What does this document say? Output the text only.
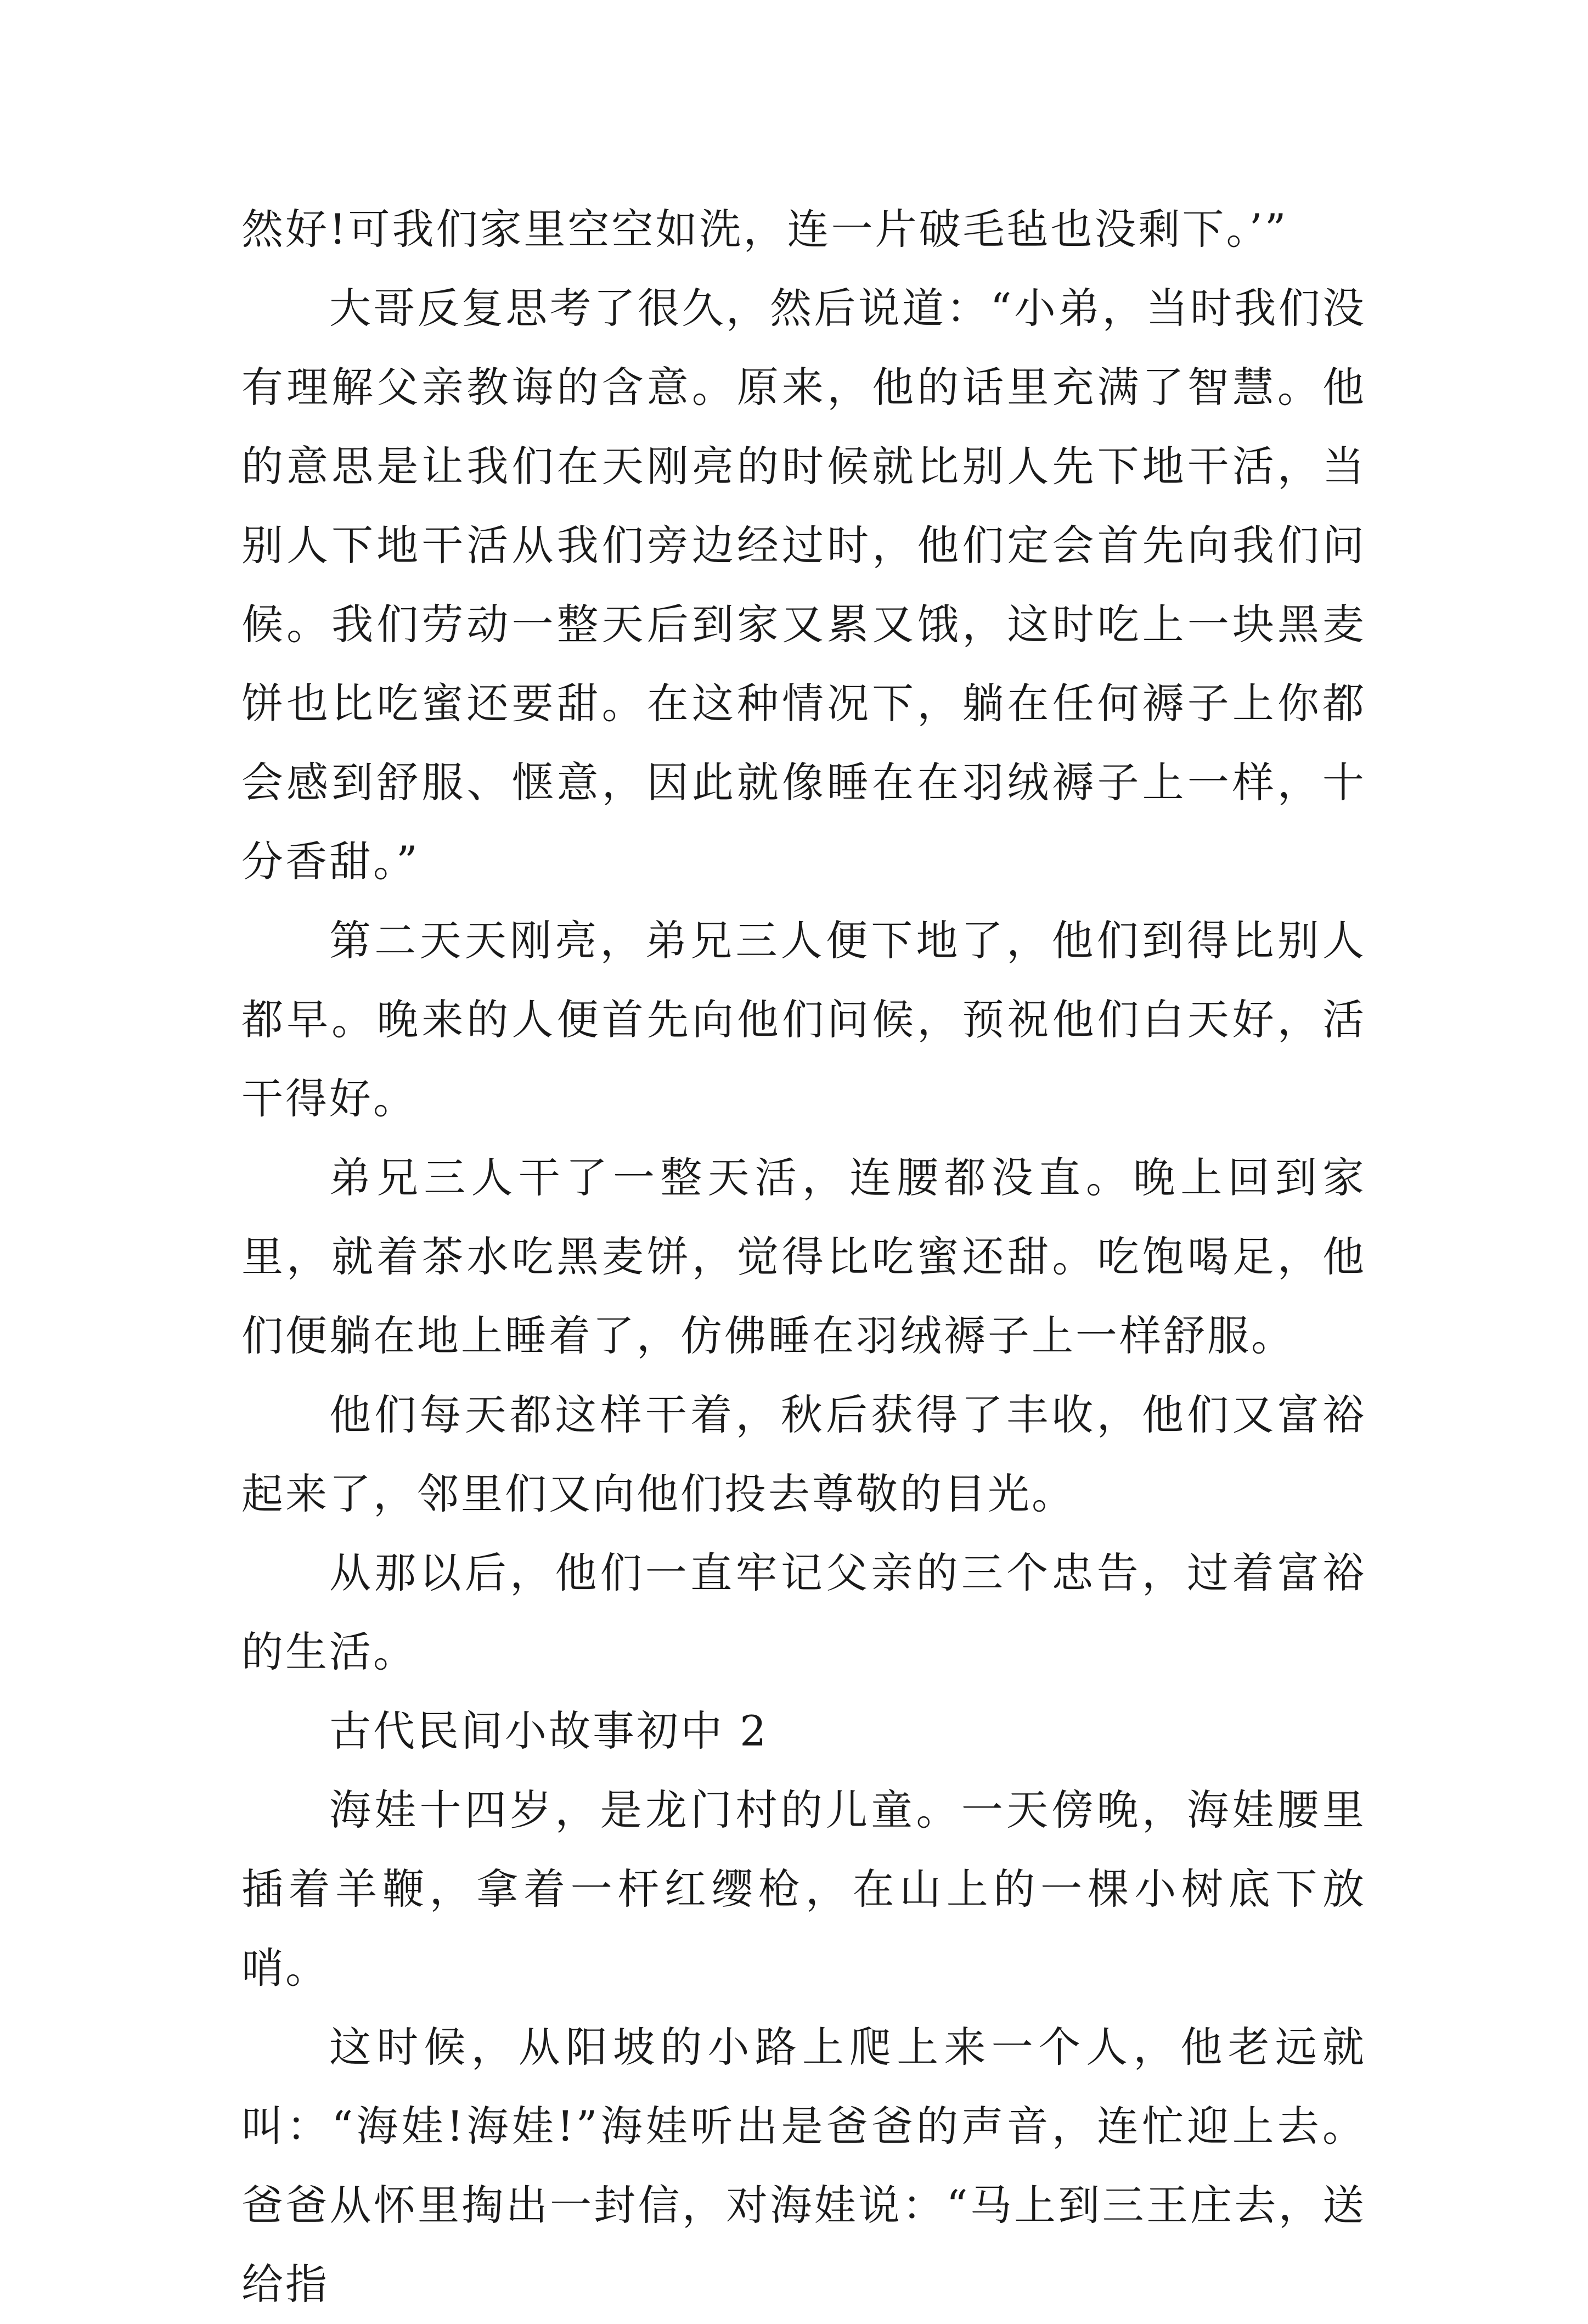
然好!可我们家里空空如洗，连一片破毛毡也没剩下。’”

大哥反复思考了很久，然后说道：“小弟，当时我们没有理解父亲教诲的含意。原来，他的话里充满了智慧。他的意思是让我们在天刚亮的时候就比别人先下地干活，当别人下地干活从我们旁边经过时，他们定会首先向我们问候。我们劳动一整天后到家又累又饿，这时吃上一块黑麦饼也比吃蜜还要甜。在这种情况下，躺在任何褥子上你都会感到舒服、惬意，因此就像睡在在羽绒褥子上一样，十分香甜。”

第二天天刚亮，弟兄三人便下地了，他们到得比别人都早。晚来的人便首先向他们问候，预祝他们白天好，活干得好。

弟兄三人干了一整天活，连腰都没直。晚上回到家里，就着茶水吃黑麦饼，觉得比吃蜜还甜。吃饱喝足，他们便躺在地上睡着了，仿佛睡在羽绒褥子上一样舒服。

他们每天都这样干着，秋后获得了丰收，他们又富裕起来了，邻里们又向他们投去尊敬的目光。

从那以后，他们一直牢记父亲的三个忠告，过着富裕的生活。

古代民间小故事初中 2

海娃十四岁，是龙门村的儿童。一天傍晚，海娃腰里插着羊鞭，拿着一杆红缨枪，在山上的一棵小树底下放哨。

这时候，从阳坡的小路上爬上来一个人，他老远就叫：“海娃!海娃!”海娃听出是爸爸的声音，连忙迎上去。爸爸从怀里掏出一封信，对海娃说：“马上到三王庄去，送给指
